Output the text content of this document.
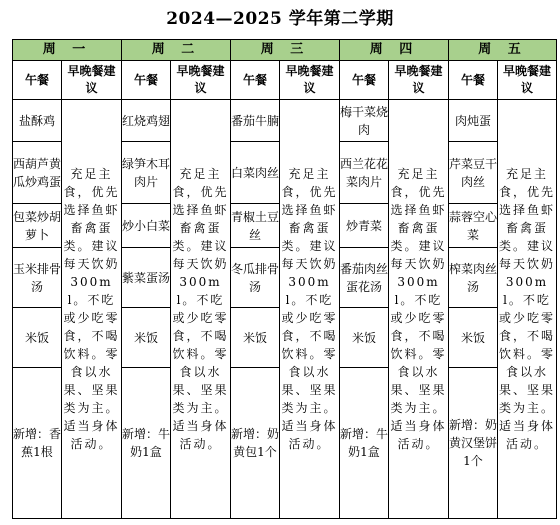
2024—2025 学年第二学期
周 一		周 二		周 三		周 四		周 五	
午餐	早晚餐建议	午餐	早晚餐建议	午餐	早晚餐建议	午餐	早晚餐建议	午餐	早晚餐建议
盐酥鸡	充足主食，优先选择鱼虾畜禽蛋类。建议每天饮奶300ml。不吃或少吃零食，不喝饮料。零食以水果、坚果类为主。适当身体活动。	红烧鸡翅	充足主食，优先选择鱼虾畜禽蛋类。建议每天饮奶300ml。不吃或少吃零食，不喝饮料。零食以水果、坚果类为主。适当身体活动。	番茄牛腩	充足主食，优先选择鱼虾畜禽蛋类。建议每天饮奶300ml。不吃或少吃零食，不喝饮料。零食以水果、坚果类为主。适当身体活动。	梅干菜烧肉	充足主食，优先选择鱼虾畜禽蛋类。建议每天饮奶300ml。不吃或少吃零食，不喝饮料。零食以水果、坚果类为主。适当身体活动。	肉炖蛋	充足主食，优先选择鱼虾畜禽蛋类。建议每天饮奶300ml。不吃或少吃零食，不喝饮料。零食以水果、坚果类为主。适当身体活动。
西葫芦黄瓜炒鸡蛋		绿笋木耳肉片		白菜肉丝		西兰花花菜肉片		芹菜豆干肉丝	
包菜炒胡萝卜		炒小白菜		青椒土豆丝		炒青菜		蒜蓉空心菜	
玉米排骨汤		紫菜蛋汤		冬瓜排骨汤		番茄肉丝蛋花汤		榨菜肉丝汤	
米饭		米饭		米饭		米饭		米饭	
新增：香蕉1根		新增：牛奶1盒		新增：奶黄包1个		新增：牛奶1盒		新增：奶黄汉堡饼1个	
